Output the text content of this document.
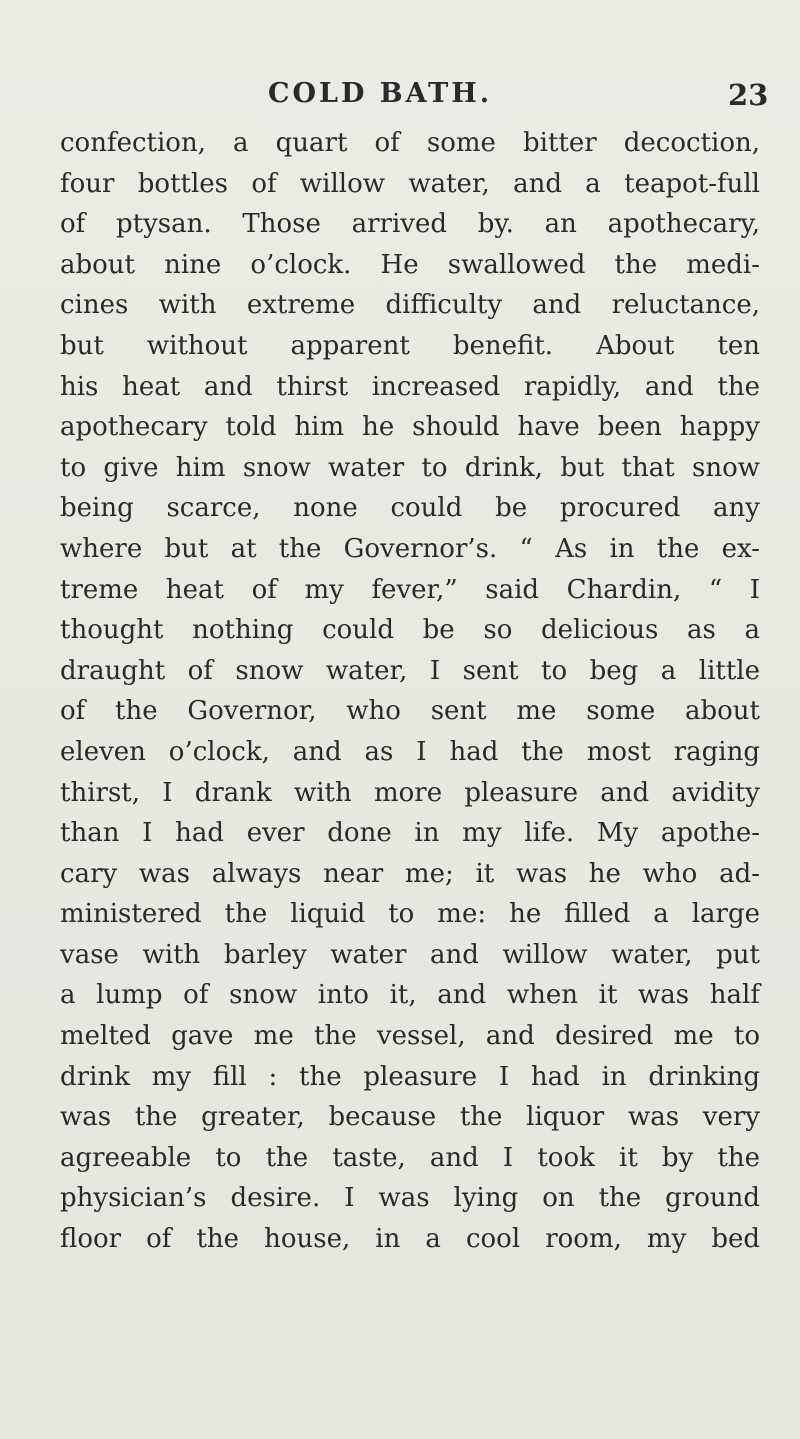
COLD BATH.	23
confection, a quart of some bitter decoction,
four bottles of willow water, and a teapot-full
of ptysan. Those arrived by. an apothecary,
about nine o’clock. He swallowed the medi-
cines with extreme difficulty and reluctance,
but without apparent benefit. About ten
his heat and thirst increased rapidly, and the
apothecary told him he should have been happy
to give him snow water to drink, but that snow
being scarce, none could be procured any
where but at the Governor’s. “ As in the ex-
treme heat of my fever,” said Chardin, “ I
thought nothing could be so delicious as a
draught of snow water, I sent to beg a little
of the Governor, who sent me some about
eleven o’clock, and as I had the most raging
thirst, I drank with more pleasure and avidity
than I had ever done in my life. My apothe-
cary was always near me; it was he who ad-
ministered the liquid to me: he filled a large
vase with barley water and willow water, put
a lump of snow into it, and when it was half
melted gave me the vessel, and desired me to
drink my fill : the pleasure I had in drinking
was the greater, because the liquor was very
agreeable to the taste, and I took it by the
physician’s desire. I was lying on the ground
floor of the house, in a cool room, my bed
